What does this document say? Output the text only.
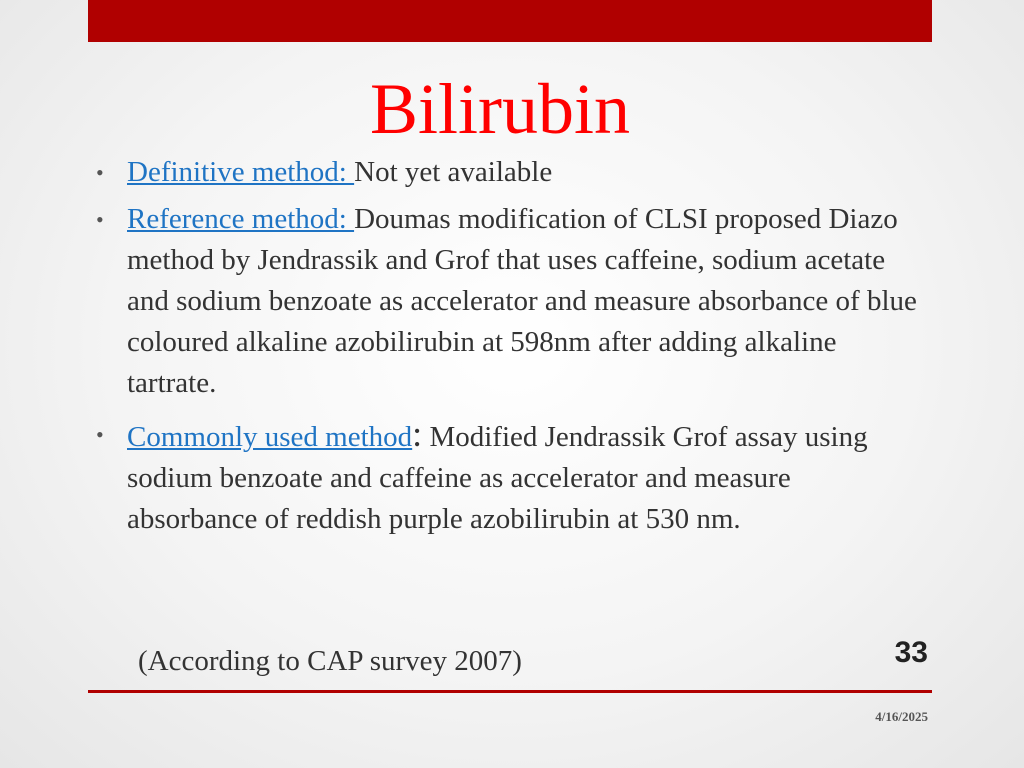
Bilirubin

• Definitive method: Not yet available

• Reference method: Doumas modification of CLSI proposed Diazo method by Jendrassik and Grof that uses caffeine, sodium acetate and sodium benzoate as accelerator and measure absorbance of blue coloured alkaline azobilirubin at 598nm after adding alkaline tartrate.

• Commonly used method: Modified Jendrassik Grof assay using sodium benzoate and caffeine as accelerator and measure absorbance of reddish purple azobilirubin at 530 nm.

(According to CAP survey 2007)	33
4/16/2025
